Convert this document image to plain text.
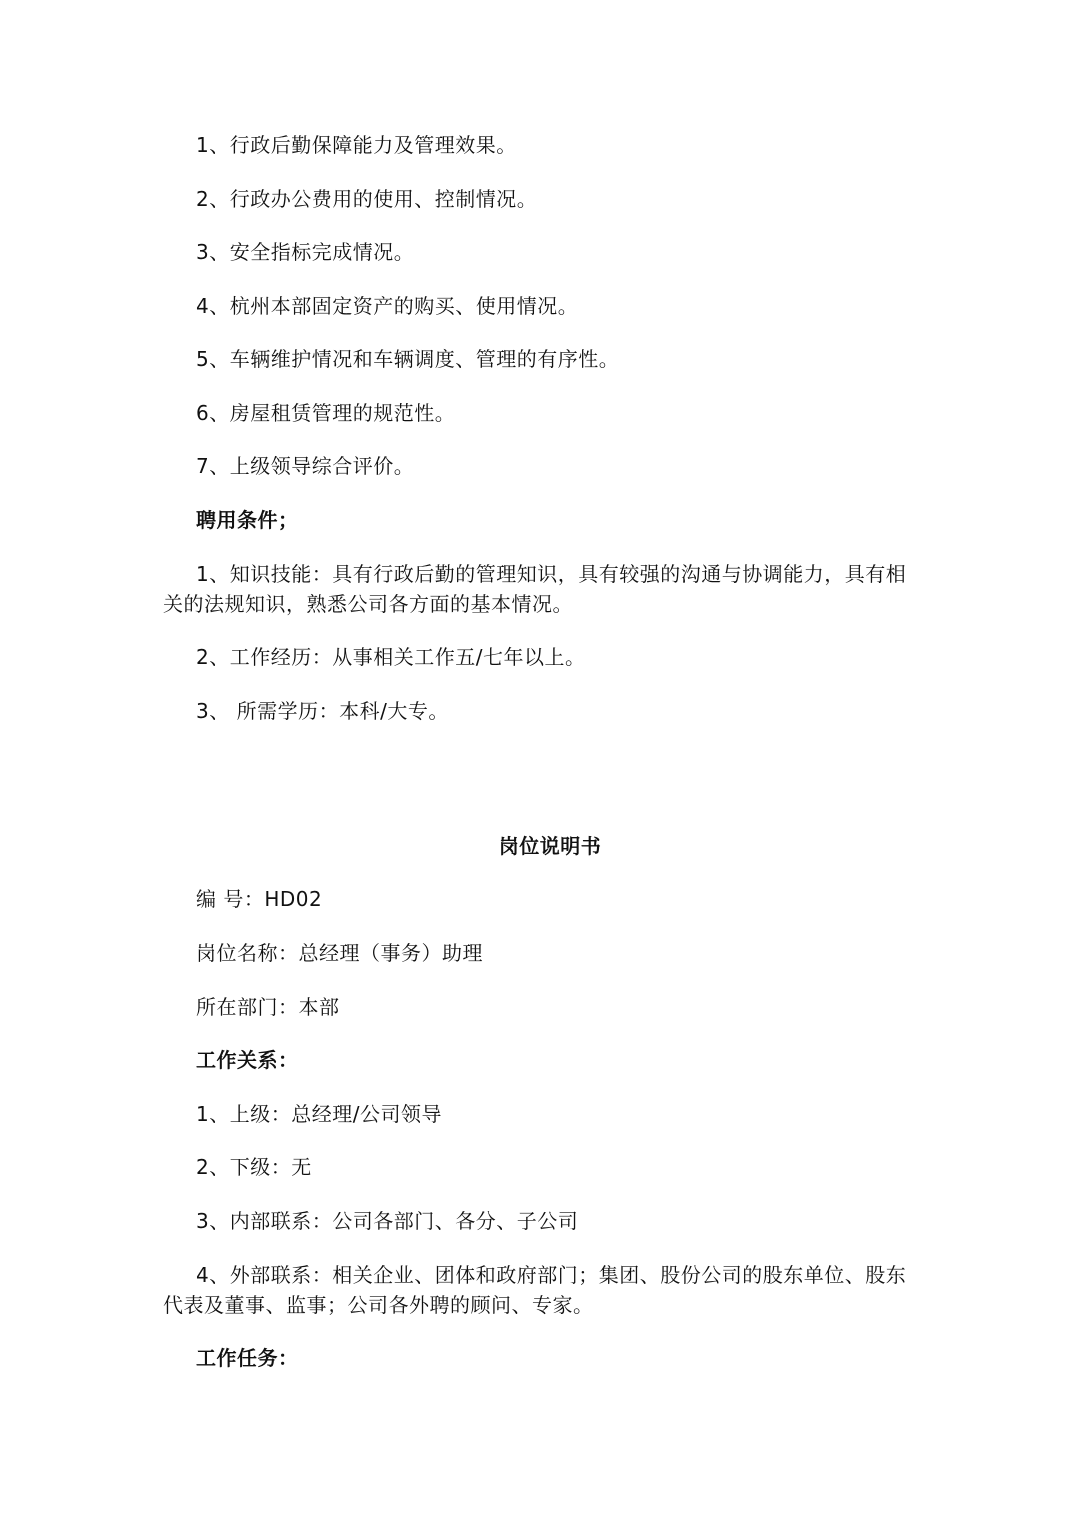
1、行政后勤保障能力及管理效果。
2、行政办公费用的使用、控制情况。
3、安全指标完成情况。
4、杭州本部固定资产的购买、使用情况。
5、车辆维护情况和车辆调度、管理的有序性。
6、房屋租赁管理的规范性。
7、上级领导综合评价。
聘用条件；
1、知识技能：具有行政后勤的管理知识，具有较强的沟通与协调能力，具有相关的法规知识，熟悉公司各方面的基本情况。
2、工作经历：从事相关工作五/七年以上。
3、 所需学历：本科/大专。
岗位说明书
编 号：HD02
岗位名称：总经理（事务）助理
所在部门：本部
工作关系：
1、上级：总经理/公司领导
2、下级：无
3、内部联系：公司各部门、各分、子公司
4、外部联系：相关企业、团体和政府部门；集团、股份公司的股东单位、股东代表及董事、监事；公司各外聘的顾问、专家。
工作任务：
